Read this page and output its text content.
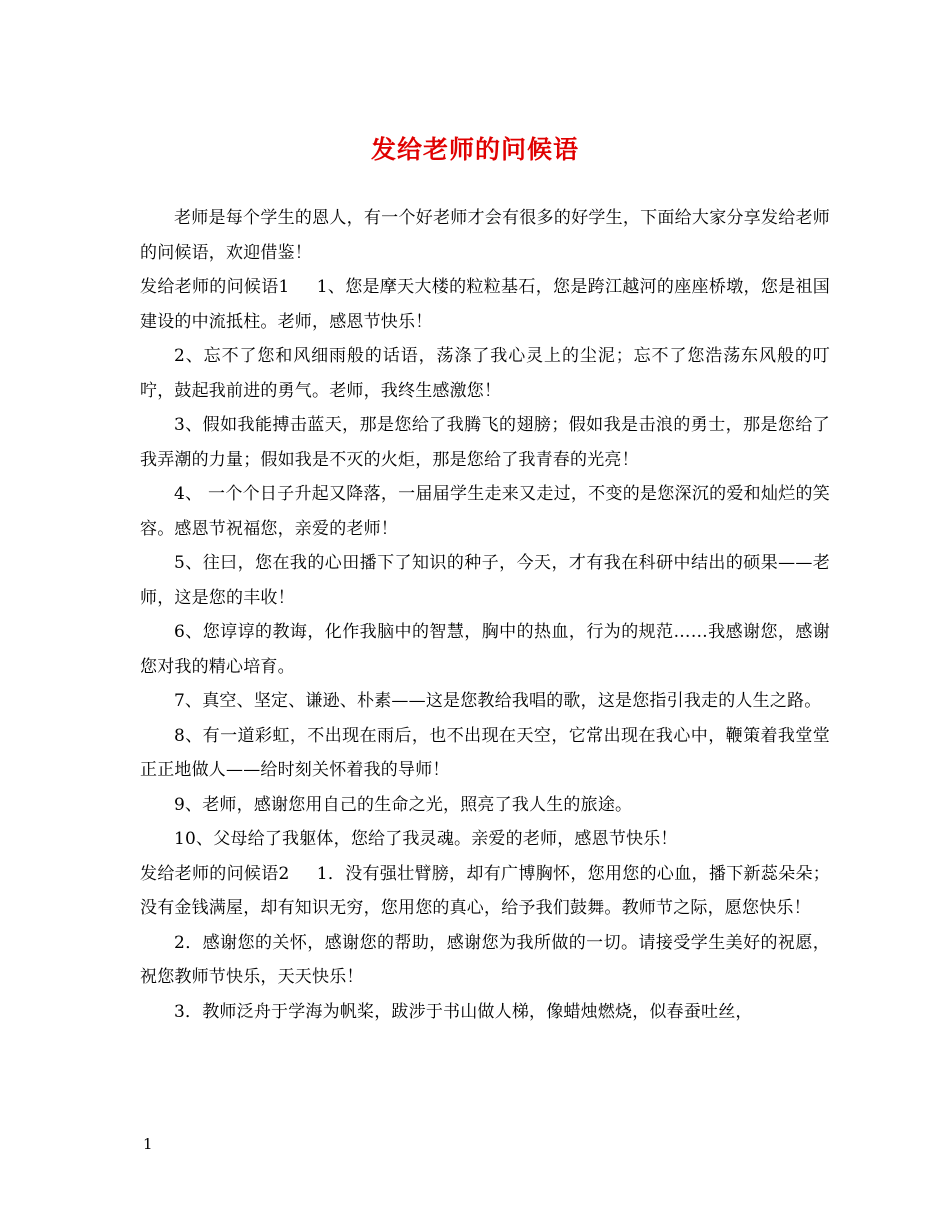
发给老师的问候语

老师是每个学生的恩人，有一个好老师才会有很多的好学生，下面给大家分享发给老师的问候语，欢迎借鉴！

发给老师的问候语1 1、您是摩天大楼的粒粒基石，您是跨江越河的座座桥墩，您是祖国建设的中流抵柱。老师，感恩节快乐！

2、忘不了您和风细雨般的话语，荡涤了我心灵上的尘泥；忘不了您浩荡东风般的叮咛，鼓起我前进的勇气。老师，我终生感激您！

3、假如我能搏击蓝天，那是您给了我腾飞的翅膀；假如我是击浪的勇士，那是您给了我弄潮的力量；假如我是不灭的火炬，那是您给了我青春的光亮！

4、 一个个日子升起又降落，一届届学生走来又走过，不变的是您深沉的爱和灿烂的笑容。感恩节祝福您，亲爱的老师！

5、往曰，您在我的心田播下了知识的种子，今天，才有我在科研中结出的硕果——老师，这是您的丰收！

6、您谆谆的教诲，化作我脑中的智慧，胸中的热血，行为的规范……我感谢您，感谢您对我的精心培育。

7、真空、坚定、谦逊、朴素——这是您教给我唱的歌，这是您指引我走的人生之路。

8、有一道彩虹，不出现在雨后，也不出现在天空，它常出现在我心中，鞭策着我堂堂正正地做人——给时刻关怀着我的导师！

9、老师，感谢您用自己的生命之光，照亮了我人生的旅途。

10、父母给了我躯体，您给了我灵魂。亲爱的老师，感恩节快乐！

发给老师的问候语2 1．没有强壮臂膀，却有广博胸怀，您用您的心血，播下新蕊朵朵；没有金钱满屋，却有知识无穷，您用您的真心，给予我们鼓舞。教师节之际，愿您快乐！

2．感谢您的关怀，感谢您的帮助，感谢您为我所做的一切。请接受学生美好的祝愿，祝您教师节快乐，天天快乐！

3．教师泛舟于学海为帆桨，跋涉于书山做人梯，像蜡烛燃烧，似春蚕吐丝，

1
